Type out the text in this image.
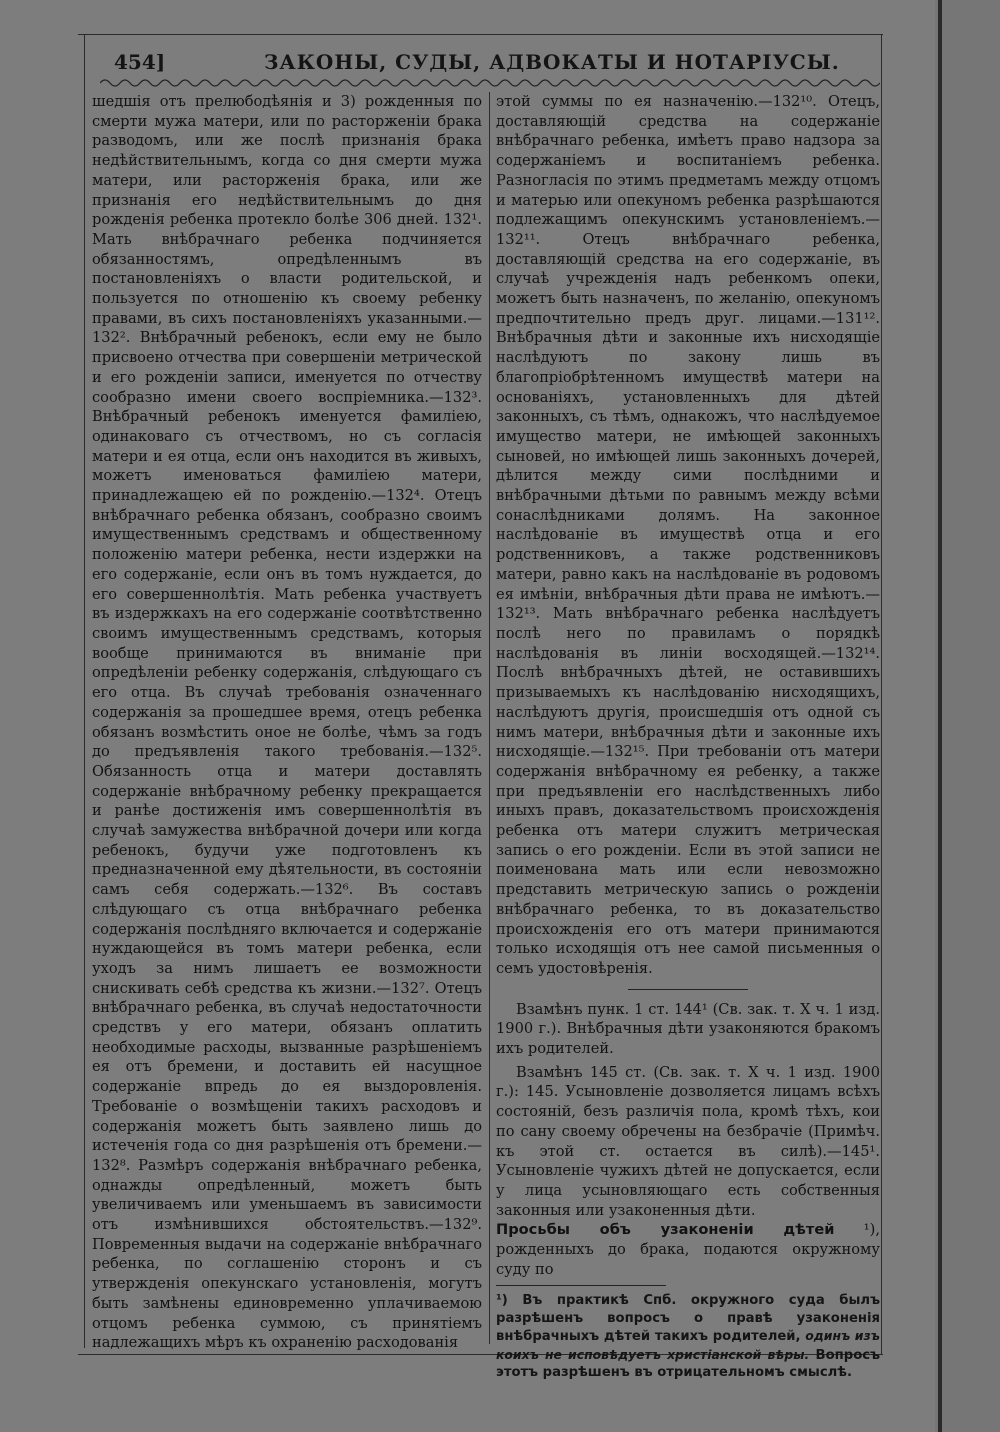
454]	ЗАКОНЫ, СУДЫ, АДВОКАТЫ И НОТАРІУСЫ.

шедшія отъ прелюбодѣянія и 3) рожденныя по смерти мужа матери, или по расторженіи брака разводомъ, или же послѣ признанія брака недѣйствительнымъ, когда со дня смерти мужа матери, или расторженія брака, или же признанія его недѣйствительнымъ до дня рожденія ребенка протекло болѣе 306 дней. 132¹. Мать внѣбрачнаго ребенка подчиняется обязанностямъ, опредѣленнымъ въ постановленіяхъ о власти родительской, и пользуется по отношенію къ своему ребенку правами, въ сихъ постановленіяхъ указанными.—132². Внѣбрачный ребенокъ, если ему не было присвоено отчества при совершеніи метрической и его рожденіи записи, именуется по отчеству сообразно имени своего воспріемника.—132³. Внѣбрачный ребенокъ именуется фамиліею, одинаковаго съ отчествомъ, но съ согласія матери и ея отца, если онъ находится въ живыхъ, можетъ именоваться фамиліею матери, принадлежащею ей по рожденію.—132⁴. Отецъ внѣбрачнаго ребенка обязанъ, сообразно своимъ имущественнымъ средствамъ и общественному положенію матери ребенка, нести издержки на его содержаніе, если онъ въ томъ нуждается, до его совершеннолѣтія. Мать ребенка участвуетъ въ издержкахъ на его содержаніе соотвѣтственно своимъ имущественнымъ средствамъ, которыя вообще принимаются въ вниманіе при опредѣленіи ребенку содержанія, слѣдующаго съ его отца. Въ случаѣ требованія означеннаго содержанія за прошедшее время, отецъ ребенка обязанъ возмѣстить оное не болѣе, чѣмъ за годъ до предъявленія такого требованія.—132⁵. Обязанность отца и матери доставлять содержаніе внѣбрачному ребенку прекращается и ранѣе достиженія имъ совершеннолѣтія въ случаѣ замужества внѣбрачной дочери или когда ребенокъ, будучи уже подготовленъ къ предназначенной ему дѣятельности, въ состояніи самъ себя содержать.—132⁶. Въ составъ слѣдующаго съ отца внѣбрачнаго ребенка содержанія послѣдняго включается и содержаніе нуждающейся въ томъ матери ребенка, если уходъ за нимъ лишаетъ ее возможности снискивать себѣ средства къ жизни.—132⁷. Отецъ внѣбрачнаго ребенка, въ случаѣ недостаточности средствъ у его матери, обязанъ оплатить необходимые расходы, вызванные разрѣшеніемъ ея отъ бремени, и доставить ей насущное содержаніе впредь до ея выздоровленія. Требованіе о возмѣщеніи такихъ расходовъ и содержанія можетъ быть заявлено лишь до истеченія года со дня разрѣшенія отъ бремени.—132⁸. Размѣръ содержанія внѣбрачнаго ребенка, однажды опредѣленный, можетъ быть увеличиваемъ или уменьшаемъ въ зависимости отъ измѣнившихся обстоятельствъ.—132⁹. Повременныя выдачи на содержаніе внѣбрачнаго ребенка, по соглашенію сторонъ и съ утвержденія опекунскаго установленія, могутъ быть замѣнены единовременно уплачиваемою отцомъ ребенка суммою, съ принятіемъ надлежащихъ мѣръ къ охраненію расходованія

этой суммы по ея назначенію.—132¹⁰. Отецъ, доставляющій средства на содержаніе внѣбрачнаго ребенка, имѣетъ право надзора за содержаніемъ и воспитаніемъ ребенка. Разногласія по этимъ предметамъ между отцомъ и матерью или опекуномъ ребенка разрѣшаются подлежащимъ опекунскимъ установленіемъ.—132¹¹. Отецъ внѣбрачнаго ребенка, доставляющій средства на его содержаніе, въ случаѣ учрежденія надъ ребенкомъ опеки, можетъ быть назначенъ, по желанію, опекуномъ предпочтительно предъ друг. лицами.—131¹². Внѣбрачныя дѣти и законные ихъ нисходящіе наслѣдуютъ по закону лишь въ благопріобрѣтенномъ имуществѣ матери на основаніяхъ, установленныхъ для дѣтей законныхъ, съ тѣмъ, однакожъ, что наслѣдуемое имущество матери, не имѣющей законныхъ сыновей, но имѣющей лишь законныхъ дочерей, дѣлится между сими послѣдними и внѣбрачными дѣтьми по равнымъ между всѣми сонаслѣдниками долямъ. На законное наслѣдованіе въ имуществѣ отца и его родственниковъ, а также родственниковъ матери, равно какъ на наслѣдованіе въ родовомъ ея имѣніи, внѣбрачныя дѣти права не имѣютъ.—132¹³. Мать внѣбрачнаго ребенка наслѣдуетъ послѣ него по правиламъ о порядкѣ наслѣдованія въ линіи восходящей.—132¹⁴. Послѣ внѣбрачныхъ дѣтей, не оставившихъ призываемыхъ къ наслѣдованію нисходящихъ, наслѣдуютъ другія, происшедшія отъ одной съ нимъ матери, внѣбрачныя дѣти и законные ихъ нисходящіе.—132¹⁵. При требованіи отъ матери содержанія внѣбрачному ея ребенку, а также при предъявленіи его наслѣдственныхъ либо иныхъ правъ, доказательствомъ происхожденія ребенка отъ матери служитъ метрическая запись о его рожденіи. Если въ этой записи не поименована мать или если невозможно представить метрическую запись о рожденіи внѣбрачнаго ребенка, то въ доказательство происхожденія его отъ матери принимаются только исходящія отъ нее самой письменныя о семъ удостовѣренія.

Взамѣнъ пунк. 1 ст. 144¹ (Св. зак. т. X ч. 1 изд. 1900 г.). Внѣбрачныя дѣти узаконяются бракомъ ихъ родителей.

Взамѣнъ 145 ст. (Св. зак. т. X ч. 1 изд. 1900 г.): 145. Усыновленіе дозволяется лицамъ всѣхъ состояній, безъ различія пола, кромѣ тѣхъ, кои по сану своему обречены на безбрачіе (Примѣч. къ этой ст. остается въ силѣ).—145¹. Усыновленіе чужихъ дѣтей не допускается, если у лица усыновляющаго есть собственныя законныя или узаконенныя дѣти.

Просьбы объ узаконеніи дѣтей ¹), рожденныхъ до брака, подаются окружному суду по

¹) Въ практикѣ Спб. окружного суда былъ разрѣшенъ вопросъ о правѣ узаконенія внѣбрачныхъ дѣтей такихъ родителей, одинъ изъ коихъ не исповѣдуетъ христіанской вѣры. Вопросъ этотъ разрѣшенъ въ отрицательномъ смыслѣ.
